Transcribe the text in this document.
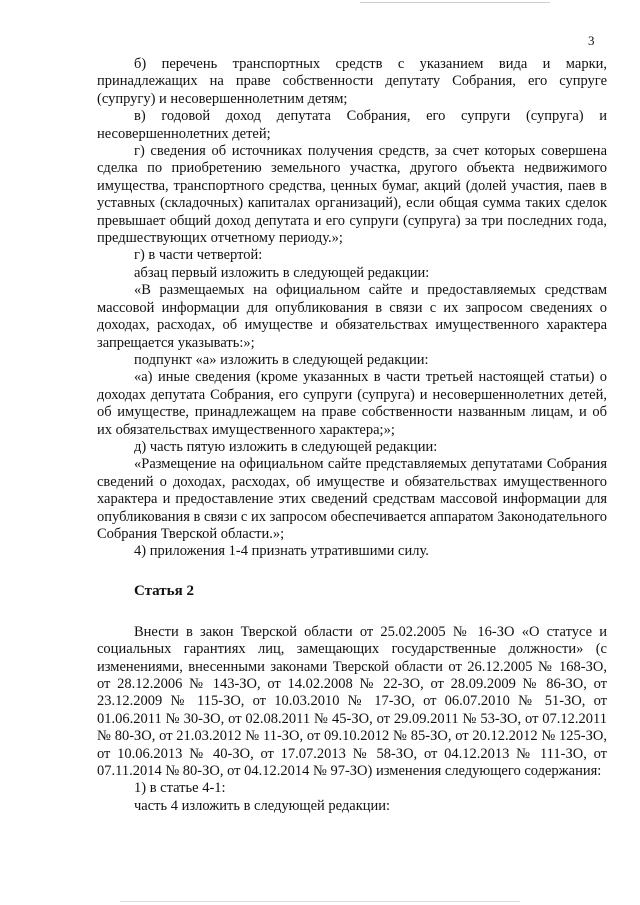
3

б) перечень транспортных средств с указанием вида и марки, принадлежащих на праве собственности депутату Собрания, его супруге (супругу) и несовершеннолетним детям;

в) годовой доход депутата Собрания, его супруги (супруга) и несовершеннолетних детей;

г) сведения об источниках получения средств, за счет которых совершена сделка по приобретению земельного участка, другого объекта недвижимого имущества, транспортного средства, ценных бумаг, акций (долей участия, паев в уставных (складочных) капиталах организаций), если общая сумма таких сделок превышает общий доход депутата и его супруги (супруга) за три последних года, предшествующих отчетному периоду.»;

г) в части четвертой:

абзац первый изложить в следующей редакции:

«В размещаемых на официальном сайте и предоставляемых средствам массовой информации для опубликования в связи с их запросом сведениях о доходах, расходах, об имуществе и обязательствах имущественного характера запрещается указывать:»;

подпункт «а» изложить в следующей редакции:

«а) иные сведения (кроме указанных в части третьей настоящей статьи) о доходах депутата Собрания, его супруги (супруга) и несовершеннолетних детей, об имуществе, принадлежащем на праве собственности названным лицам, и об их обязательствах имущественного характера;»;

д) часть пятую изложить в следующей редакции:

«Размещение на официальном сайте представляемых депутатами Собрания сведений о доходах, расходах, об имуществе и обязательствах имущественного характера и предоставление этих сведений средствам массовой информации для опубликования в связи с их запросом обеспечивается аппаратом Законодательного Собрания Тверской области.»;

4) приложения 1-4 признать утратившими силу.

Статья 2

Внести в закон Тверской области от 25.02.2005 № 16-ЗО «О статусе и социальных гарантиях лиц, замещающих государственные должности» (с изменениями, внесенными законами Тверской области от 26.12.2005 № 168-ЗО, от 28.12.2006 № 143-ЗО, от 14.02.2008 № 22-ЗО, от 28.09.2009 № 86-ЗО, от 23.12.2009 № 115-ЗО, от 10.03.2010 № 17-ЗО, от 06.07.2010 № 51-ЗО, от 01.06.2011 № 30-ЗО, от 02.08.2011 № 45-ЗО, от 29.09.2011 № 53-ЗО, от 07.12.2011 № 80-ЗО, от 21.03.2012 № 11-ЗО, от 09.10.2012 № 85-ЗО, от 20.12.2012 № 125-ЗО, от 10.06.2013 № 40-ЗО, от 17.07.2013 № 58-ЗО, от 04.12.2013 № 111-ЗО, от 07.11.2014 № 80-ЗО, от 04.12.2014 № 97-ЗО) изменения следующего содержания:

1) в статье 4-1:

часть 4 изложить в следующей редакции:
